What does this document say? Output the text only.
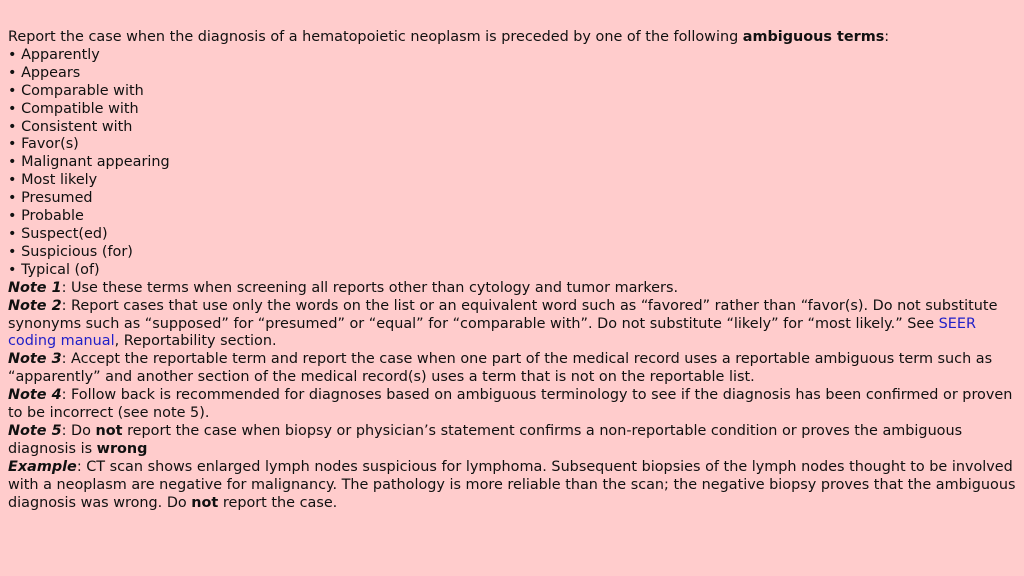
Report the case when the diagnosis of a hematopoietic neoplasm is preceded by one of the following ambiguous terms:

• Apparently
• Appears
• Comparable with
• Compatible with
• Consistent with
• Favor(s)
• Malignant appearing
• Most likely
• Presumed
• Probable
• Suspect(ed)
• Suspicious (for)
• Typical (of)

Note 1: Use these terms when screening all reports other than cytology and tumor markers.

Note 2: Report cases that use only the words on the list or an equivalent word such as “favored” rather than “favor(s). Do not substitute synonyms such as “supposed” for “presumed” or “equal” for “comparable with”. Do not substitute “likely” for “most likely.” See SEER coding manual, Reportability section.

Note 3: Accept the reportable term and report the case when one part of the medical record uses a reportable ambiguous term such as “apparently” and another section of the medical record(s) uses a term that is not on the reportable list.

Note 4: Follow back is recommended for diagnoses based on ambiguous terminology to see if the diagnosis has been confirmed or proven to be incorrect (see note 5).

Note 5: Do not report the case when biopsy or physician’s statement confirms a non-reportable condition or proves the ambiguous diagnosis is wrong

Example: CT scan shows enlarged lymph nodes suspicious for lymphoma. Subsequent biopsies of the lymph nodes thought to be involved with a neoplasm are negative for malignancy. The pathology is more reliable than the scan; the negative biopsy proves that the ambiguous diagnosis was wrong. Do not report the case.
